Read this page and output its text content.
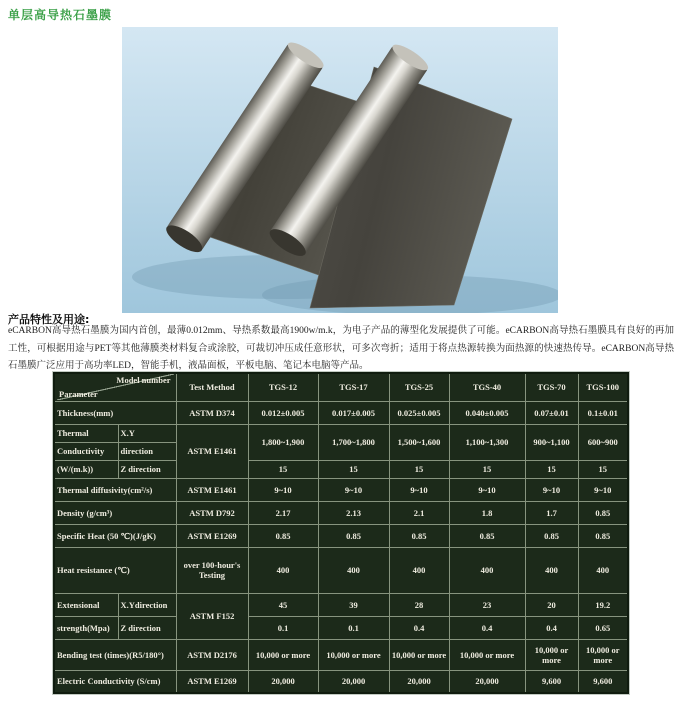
单层高导热石墨膜
产品特性及用途:

eCARBON高导热石墨膜为国内首创，最薄0.012mm、导热系数最高1900w/m.k，为电子产品的薄型化发展提供了可能。eCARBON高导热石墨膜具有良好的再加工性，可根据用途与PET等其他薄膜类材料复合或涂胶，可裁切冲压成任意形状，可多次弯折；适用于将点热源转换为面热源的快速热传导。eCARBON高导热石墨膜广泛应用于高功率LED，智能手机，液晶面板，平板电脑、笔记本电脑等产品。

Model number
Parameter		Test Method	TGS-12	TGS-17	TGS-25	TGS-40	TGS-70	TGS-100
Thickness(mm)		ASTM D374	0.012±0.005	0.017±0.005	0.025±0.005	0.040±0.005	0.07±0.01	0.1±0.01
Thermal	X.Y	ASTM E1461	1,800~1,900	1,700~1,800	1,500~1,600	1,100~1,300	900~1,100	600~900
Conductivity	direction							
(W/(m.k))	Z direction		15	15	15	15	15	15
Thermal diffusivity(cm²/s)		ASTM E1461	9~10	9~10	9~10	9~10	9~10	9~10
Density (g/cm³)		ASTM D792	2.17	2.13	2.1	1.8	1.7	0.85
Specific Heat (50 ℃)(J/gK)		ASTM E1269	0.85	0.85	0.85	0.85	0.85	0.85
Heat resistance (℃)		over 100-hour's Testing	400	400	400	400	400	400
Extensional	X.Ydirection	ASTM F152	45	39	28	23	20	19.2
strength(Mpa)	Z direction		0.1	0.1	0.4	0.4	0.4	0.65
Bending test (times)(R5/180°)		ASTM D2176	10,000 or more	10,000 or more	10,000 or more	10,000 or more	10,000 or more	10,000 or more
Electric Conductivity (S/cm)		ASTM E1269	20,000	20,000	20,000	20,000	9,600	9,600
